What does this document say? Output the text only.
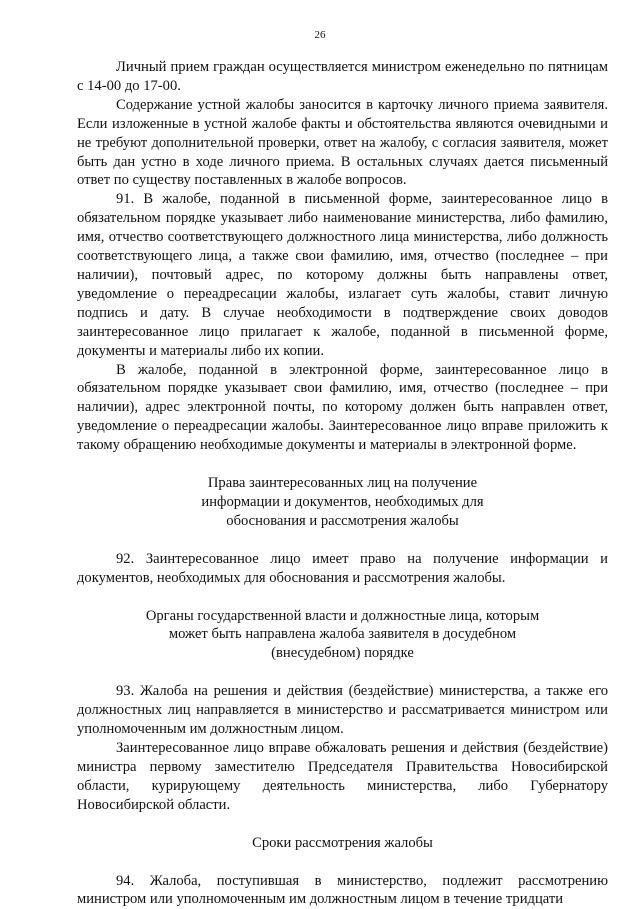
26

Личный прием граждан осуществляется министром еженедельно по пятницам с 14-00 до 17-00.

Содержание устной жалобы заносится в карточку личного приема заявителя. Если изложенные в устной жалобе факты и обстоятельства являются очевидными и не требуют дополнительной проверки, ответ на жалобу, с согласия заявителя, может быть дан устно в ходе личного приема. В остальных случаях дается письменный ответ по существу поставленных в жалобе вопросов.

91. В жалобе, поданной в письменной форме, заинтересованное лицо в обязательном порядке указывает либо наименование министерства, либо фамилию, имя, отчество соответствующего должностного лица министерства, либо должность соответствующего лица, а также свои фамилию, имя, отчество (последнее – при наличии), почтовый адрес, по которому должны быть направлены ответ, уведомление о переадресации жалобы, излагает суть жалобы, ставит личную подпись и дату. В случае необходимости в подтверждение своих доводов заинтересованное лицо прилагает к жалобе, поданной в письменной форме, документы и материалы либо их копии.

В жалобе, поданной в электронной форме, заинтересованное лицо в обязательном порядке указывает свои фамилию, имя, отчество (последнее – при наличии), адрес электронной почты, по которому должен быть направлен ответ, уведомление о переадресации жалобы. Заинтересованное лицо вправе приложить к такому обращению необходимые документы и материалы в электронной форме.

Права заинтересованных лиц на получение
информации и документов, необходимых для
обоснования и рассмотрения жалобы

92. Заинтересованное лицо имеет право на получение информации и документов, необходимых для обоснования и рассмотрения жалобы.

Органы государственной власти и должностные лица, которым
может быть направлена жалоба заявителя в досудебном
(внесудебном) порядке

93. Жалоба на решения и действия (бездействие) министерства, а также его должностных лиц направляется в министерство и рассматривается министром или уполномоченным им должностным лицом.

Заинтересованное лицо вправе обжаловать решения и действия (бездействие) министра первому заместителю Председателя Правительства Новосибирской области, курирующему деятельность министерства, либо Губернатору Новосибирской области.

Сроки рассмотрения жалобы

94. Жалоба, поступившая в министерство, подлежит рассмотрению министром или уполномоченным им должностным лицом в течение тридцати
